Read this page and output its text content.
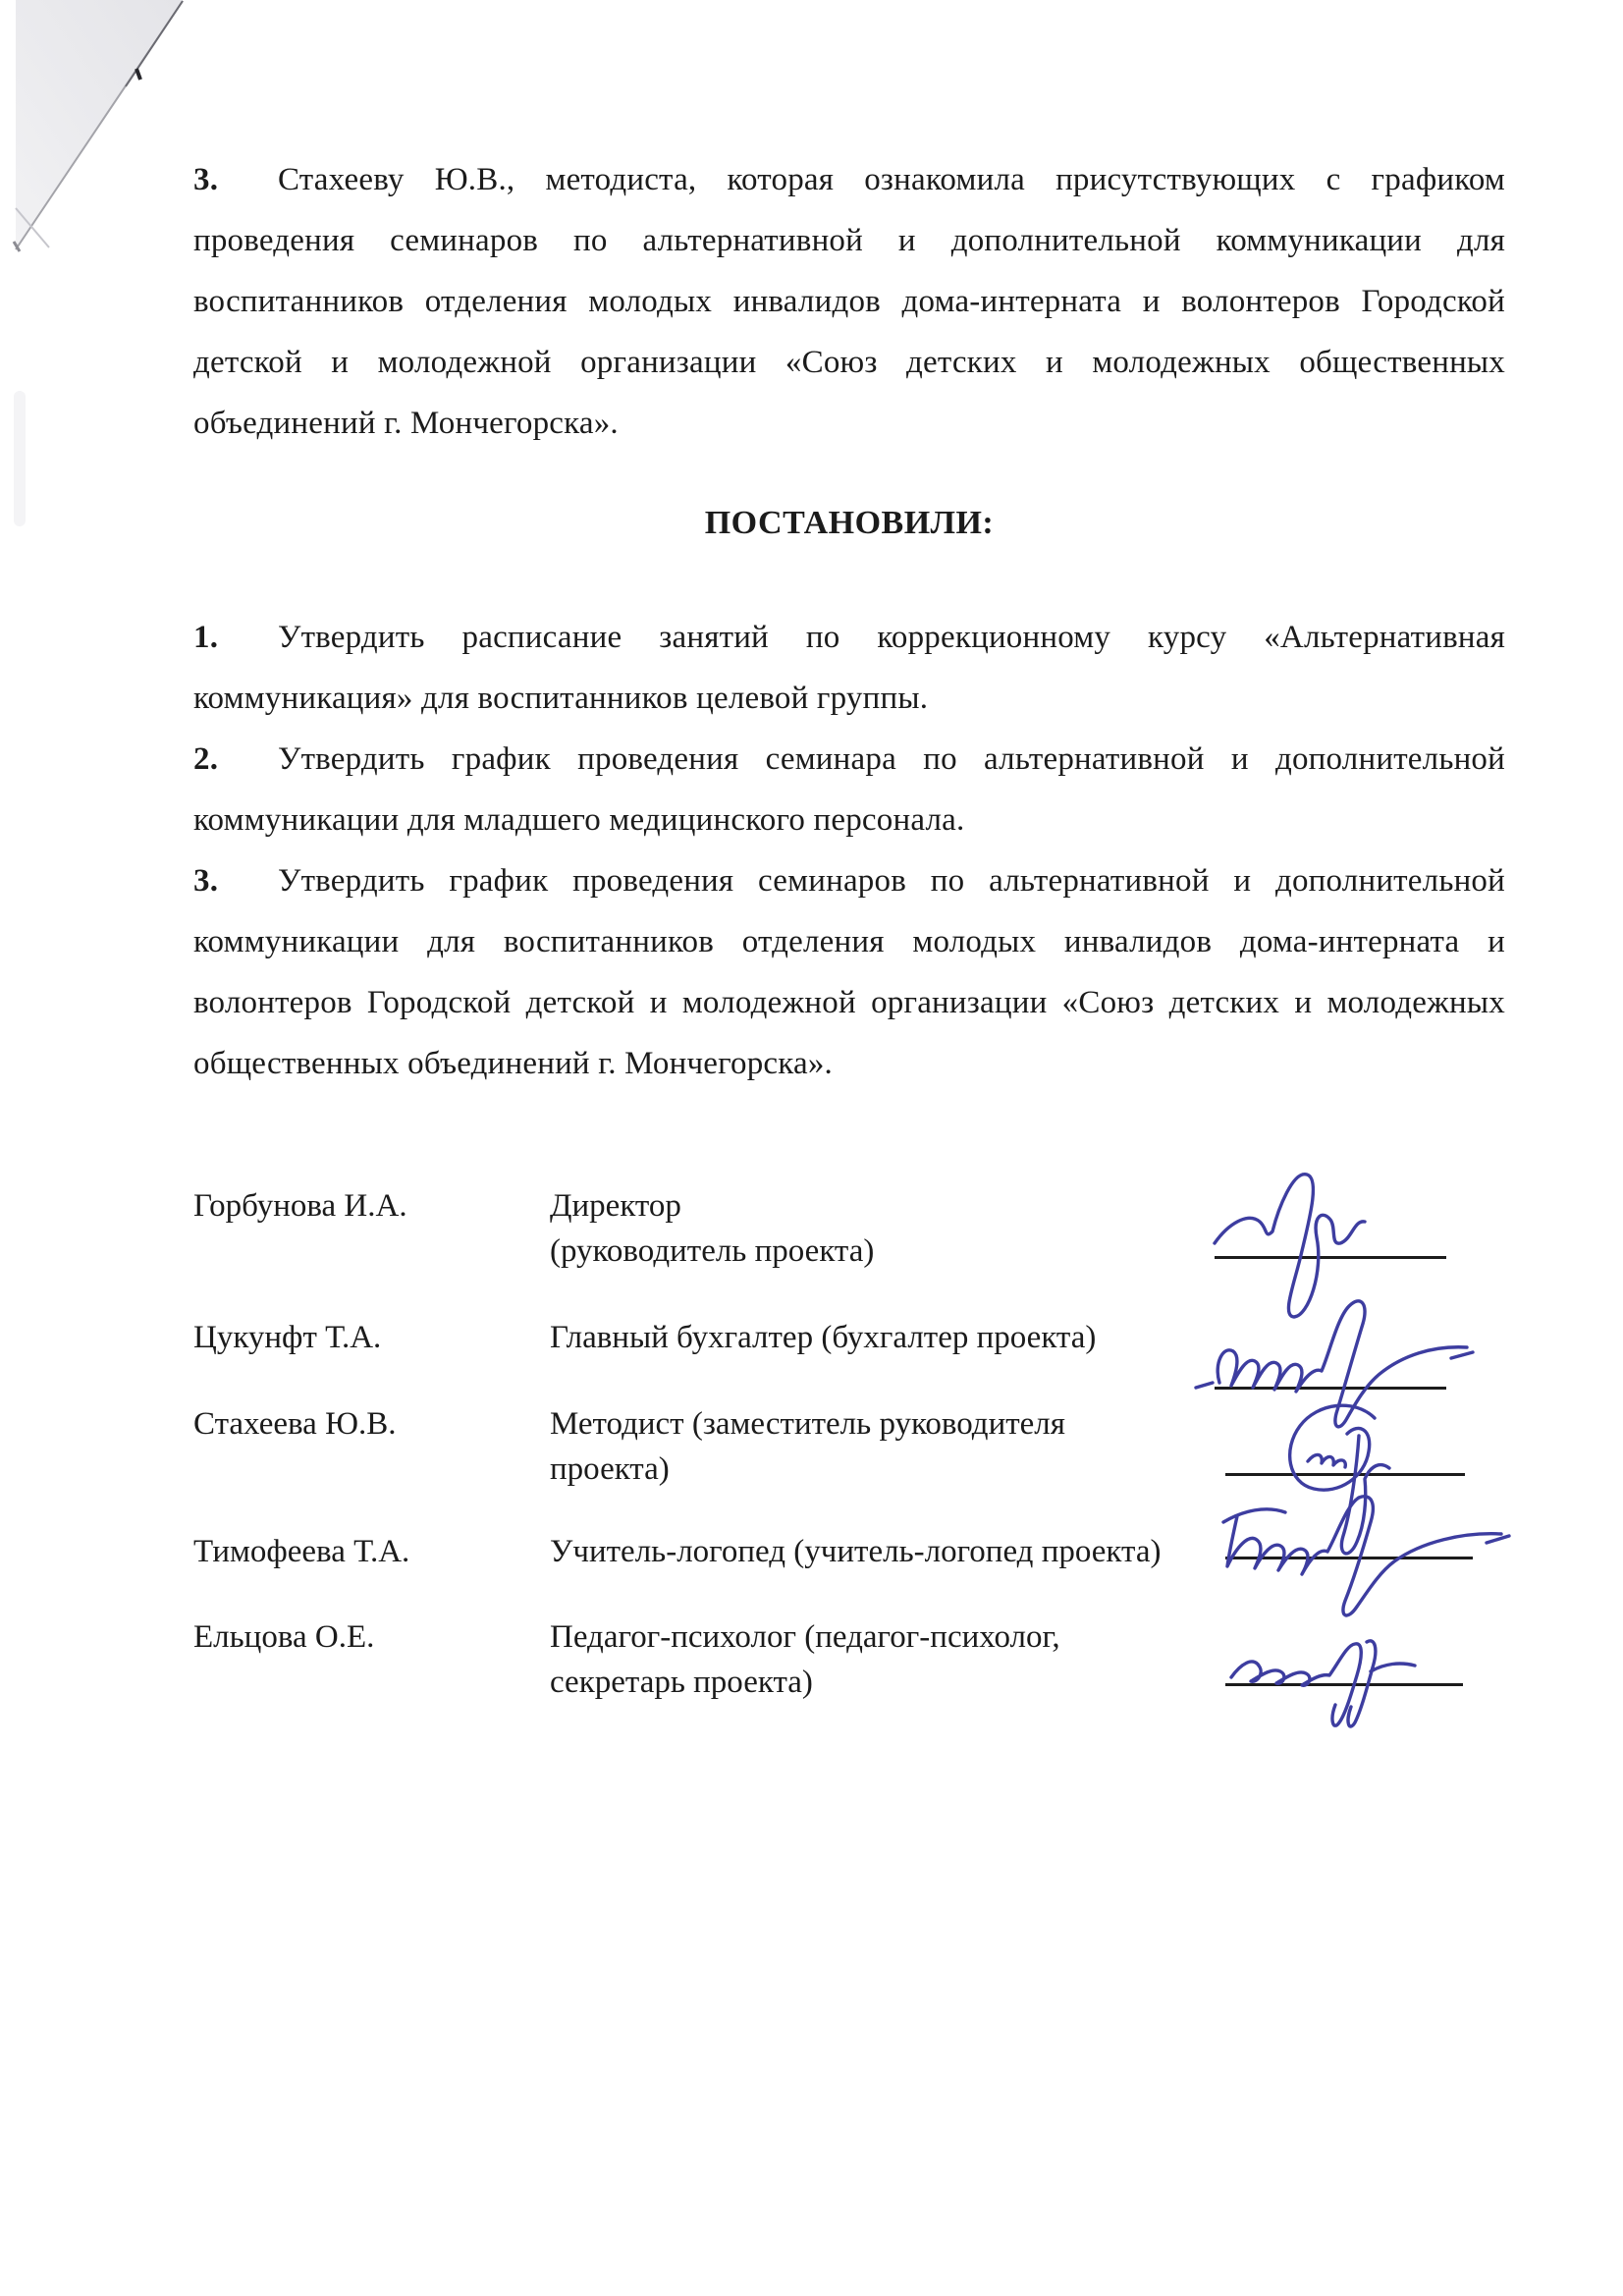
3. Стахееву Ю.В., методиста, которая ознакомила присутствующих с графиком проведения семинаров по альтернативной и дополнительной коммуникации для воспитанников отделения молодых инвалидов дома-интерната и волонтеров Городской детской и молодежной организации «Союз детских и молодежных общественных объединений г. Мончегорска».

ПОСТАНОВИЛИ:

1. Утвердить расписание занятий по коррекционному курсу «Альтернативная коммуникация» для воспитанников целевой группы.

2. Утвердить график проведения семинара по альтернативной и дополнительной коммуникации для младшего медицинского персонала.

3. Утвердить график проведения семинаров по альтернативной и дополнительной коммуникации для воспитанников отделения молодых инвалидов дома-интерната и волонтеров Городской детской и молодежной организации «Союз детских и молодежных общественных объединений г. Мончегорска».

Горбунова И.А.	Директор
(руководитель проекта)
Цукунфт Т.А.	Главный бухгалтер (бухгалтер проекта)
Стахеева Ю.В.	Методист (заместитель руководителя
проекта)
Тимофеева Т.А.	Учитель-логопед (учитель-логопед проекта)
Ельцова О.Е.	Педагог-психолог (педагог-психолог,
секретарь проекта)
